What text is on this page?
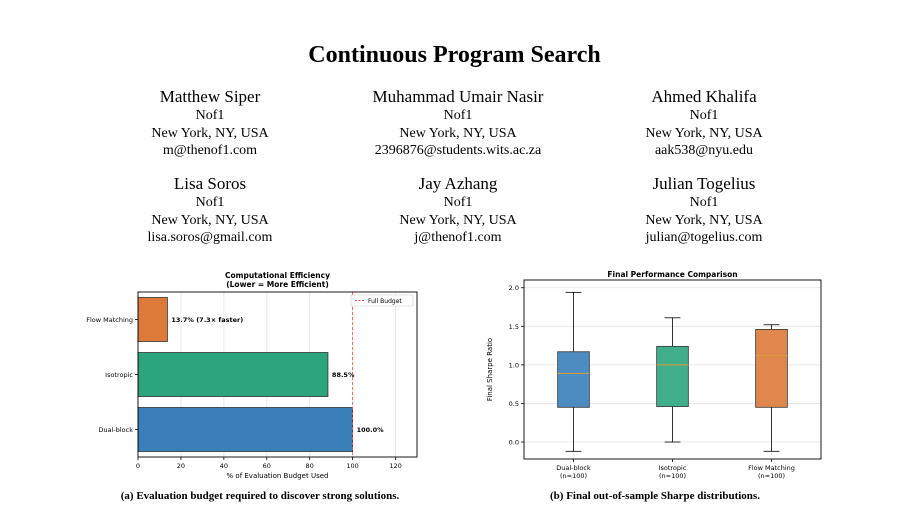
Continuous Program Search
Matthew Siper
Nof1
New York, NY, USA
m@thenof1.com
Muhammad Umair Nasir
Nof1
New York, NY, USA
2396876@students.wits.ac.za
Ahmed Khalifa
Nof1
New York, NY, USA
aak538@nyu.edu
Lisa Soros
Nof1
New York, NY, USA
lisa.soros@gmail.com
Jay Azhang
Nof1
New York, NY, USA
j@thenof1.com
Julian Togelius
Nof1
New York, NY, USA
julian@togelius.com
Computational Efficiency
(Lower = More Efficient)
0	20	40	60	80	100	120
Dual-block	100.0%
Isotropic	88.5%
Flow Matching	13.7% (7.3× faster)
Full Budget
% of Evaluation Budget Used
Final Performance Comparison
0.0
0.5
1.0
1.5
2.0
Dual-block (n=100)
Isotropic (n=100)
Flow Matching (n=100)
Final Sharpe Ratio
(a) Evaluation budget required to discover strong solutions.	(b) Final out-of-sample Sharpe distributions.
